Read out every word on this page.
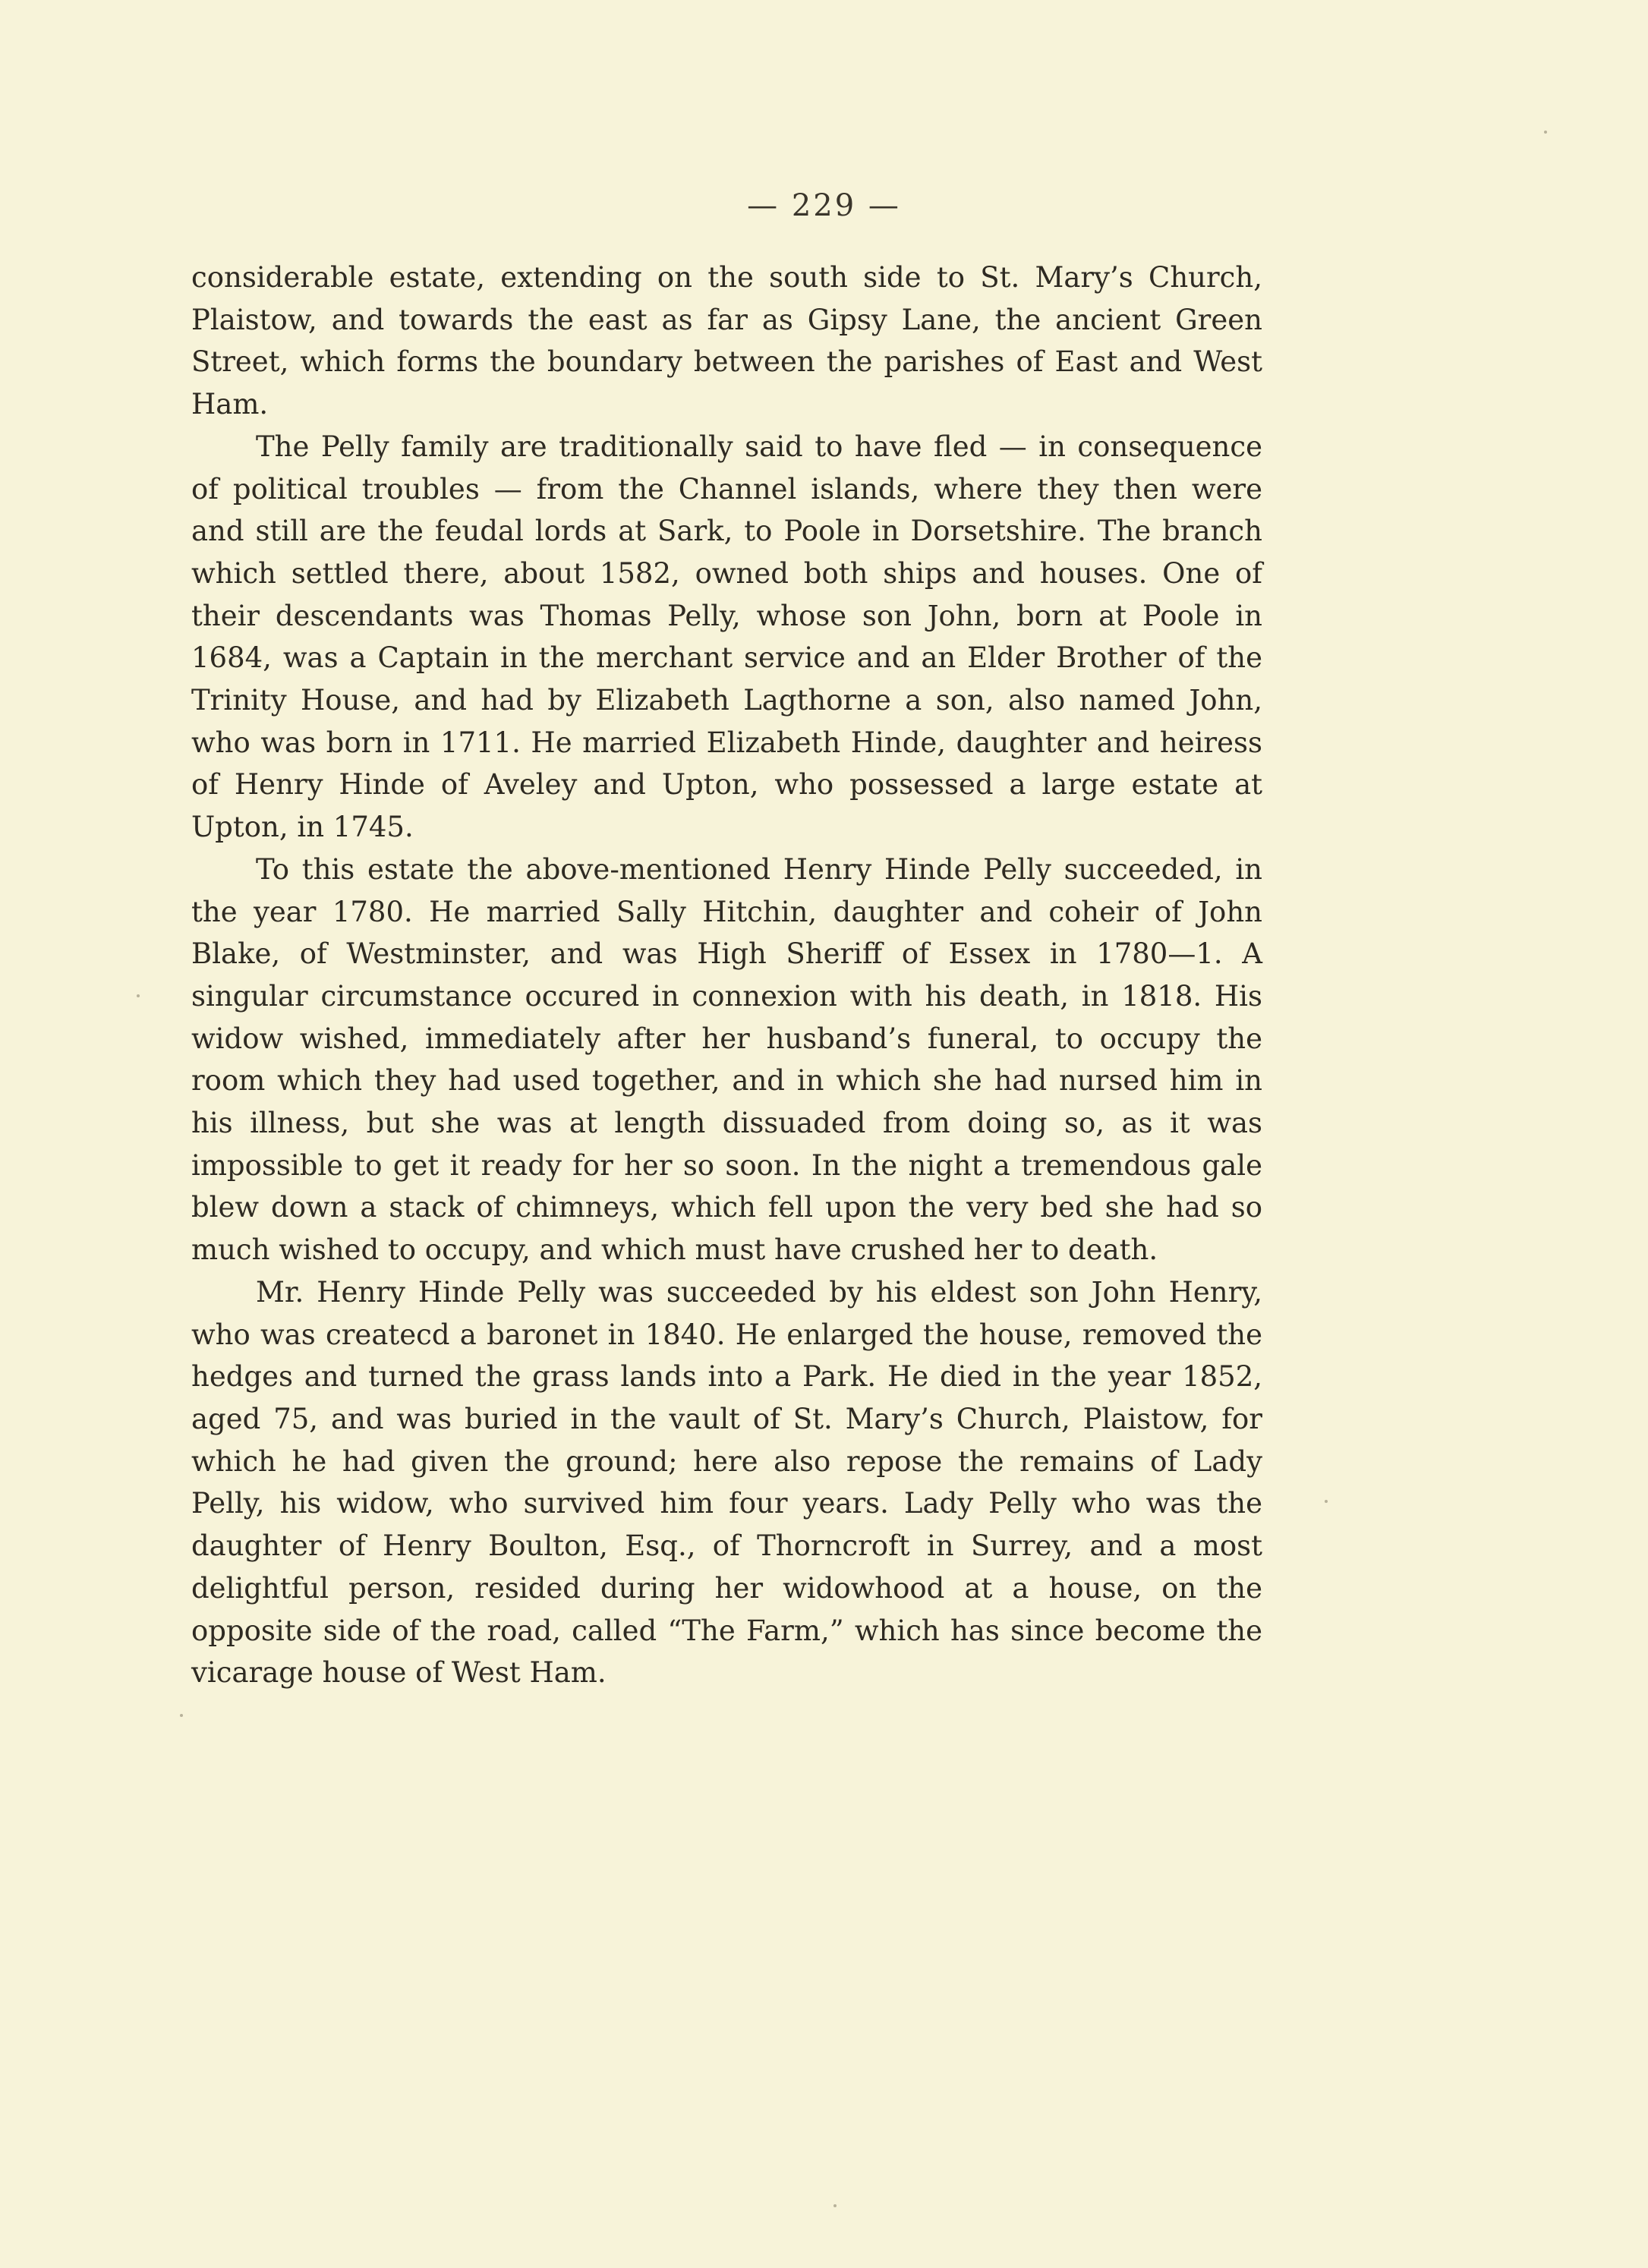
— 229 —

considerable estate, extending on the south side to St. Mary’s Church, Plaistow, and towards the east as far as Gipsy Lane, the ancient Green Street, which forms the boundary between the parishes of East and West Ham.

The Pelly family are traditionally said to have fled — in consequence of political troubles — from the Channel islands, where they then were and still are the feudal lords at Sark, to Poole in Dorsetshire. The branch which settled there, about 1582, owned both ships and houses. One of their descendants was Thomas Pelly, whose son John, born at Poole in 1684, was a Captain in the merchant service and an Elder Brother of the Trinity House, and had by Elizabeth Lagthorne a son, also named John, who was born in 1711. He married Elizabeth Hinde, daughter and heiress of Henry Hinde of Aveley and Upton, who possessed a large estate at Upton, in 1745.

To this estate the above-mentioned Henry Hinde Pelly succeeded, in the year 1780. He married Sally Hitchin, daughter and coheir of John Blake, of Westminster, and was High Sheriff of Essex in 1780—1. A singular circumstance occured in connexion with his death, in 1818. His widow wished, immediately after her husband’s funeral, to occupy the room which they had used together, and in which she had nursed him in his illness, but she was at length dissuaded from doing so, as it was impossible to get it ready for her so soon. In the night a tremendous gale blew down a stack of chimneys, which fell upon the very bed she had so much wished to occupy, and which must have crushed her to death.

Mr. Henry Hinde Pelly was succeeded by his eldest son John Henry, who was createcd a baronet in 1840. He enlarged the house, removed the hedges and turned the grass lands into a Park. He died in the year 1852, aged 75, and was buried in the vault of St. Mary’s Church, Plaistow, for which he had given the ground; here also repose the remains of Lady Pelly, his widow, who survived him four years. Lady Pelly who was the daughter of Henry Boulton, Esq., of Thorncroft in Surrey, and a most delightful person, resided during her widowhood at a house, on the opposite side of the road, called “The Farm,” which has since become the vicarage house of West Ham.
